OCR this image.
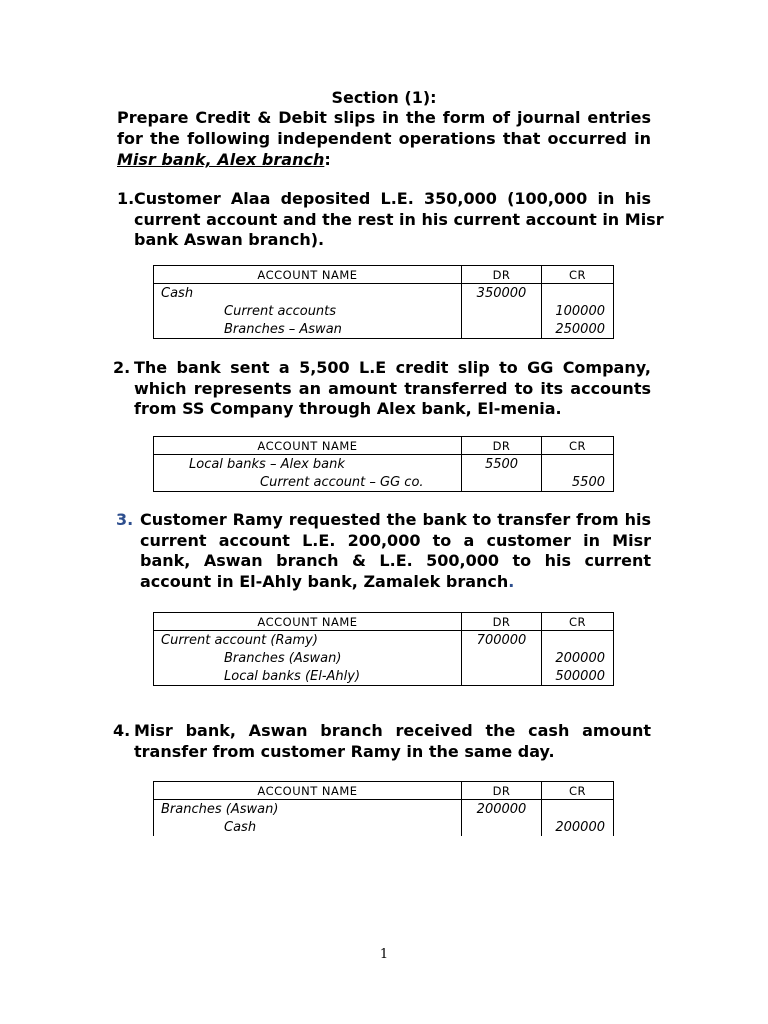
Section (1):
Prepare Credit & Debit slips in the form of journal entries
for the following independent operations that occurred in
Misr bank, Alex branch:
1. Customer Alaa deposited L.E. 350,000 (100,000 in his
current account and the rest in his current account in Misr
bank Aswan branch).
ACCOUNT NAME	DR	CR
Cash	350000	
Current accounts		100000
Branches – Aswan		250000
2. The bank sent a 5,500 L.E credit slip to GG Company,
which represents an amount transferred to its accounts
from SS Company through Alex bank, El-menia.
ACCOUNT NAME	DR	CR
Local banks – Alex bank	5500	
Current account – GG co.		5500
3. Customer Ramy requested the bank to transfer from his
current account L.E. 200,000 to a customer in Misr
bank, Aswan branch & L.E. 500,000 to his current
account in El-Ahly bank, Zamalek branch.
ACCOUNT NAME	DR	CR
Current account (Ramy)	700000	
Branches (Aswan)		200000
Local banks (El-Ahly)		500000
4. Misr bank, Aswan branch received the cash amount
transfer from customer Ramy in the same day.
ACCOUNT NAME	DR	CR
Branches (Aswan)	200000	
Cash		200000
1
